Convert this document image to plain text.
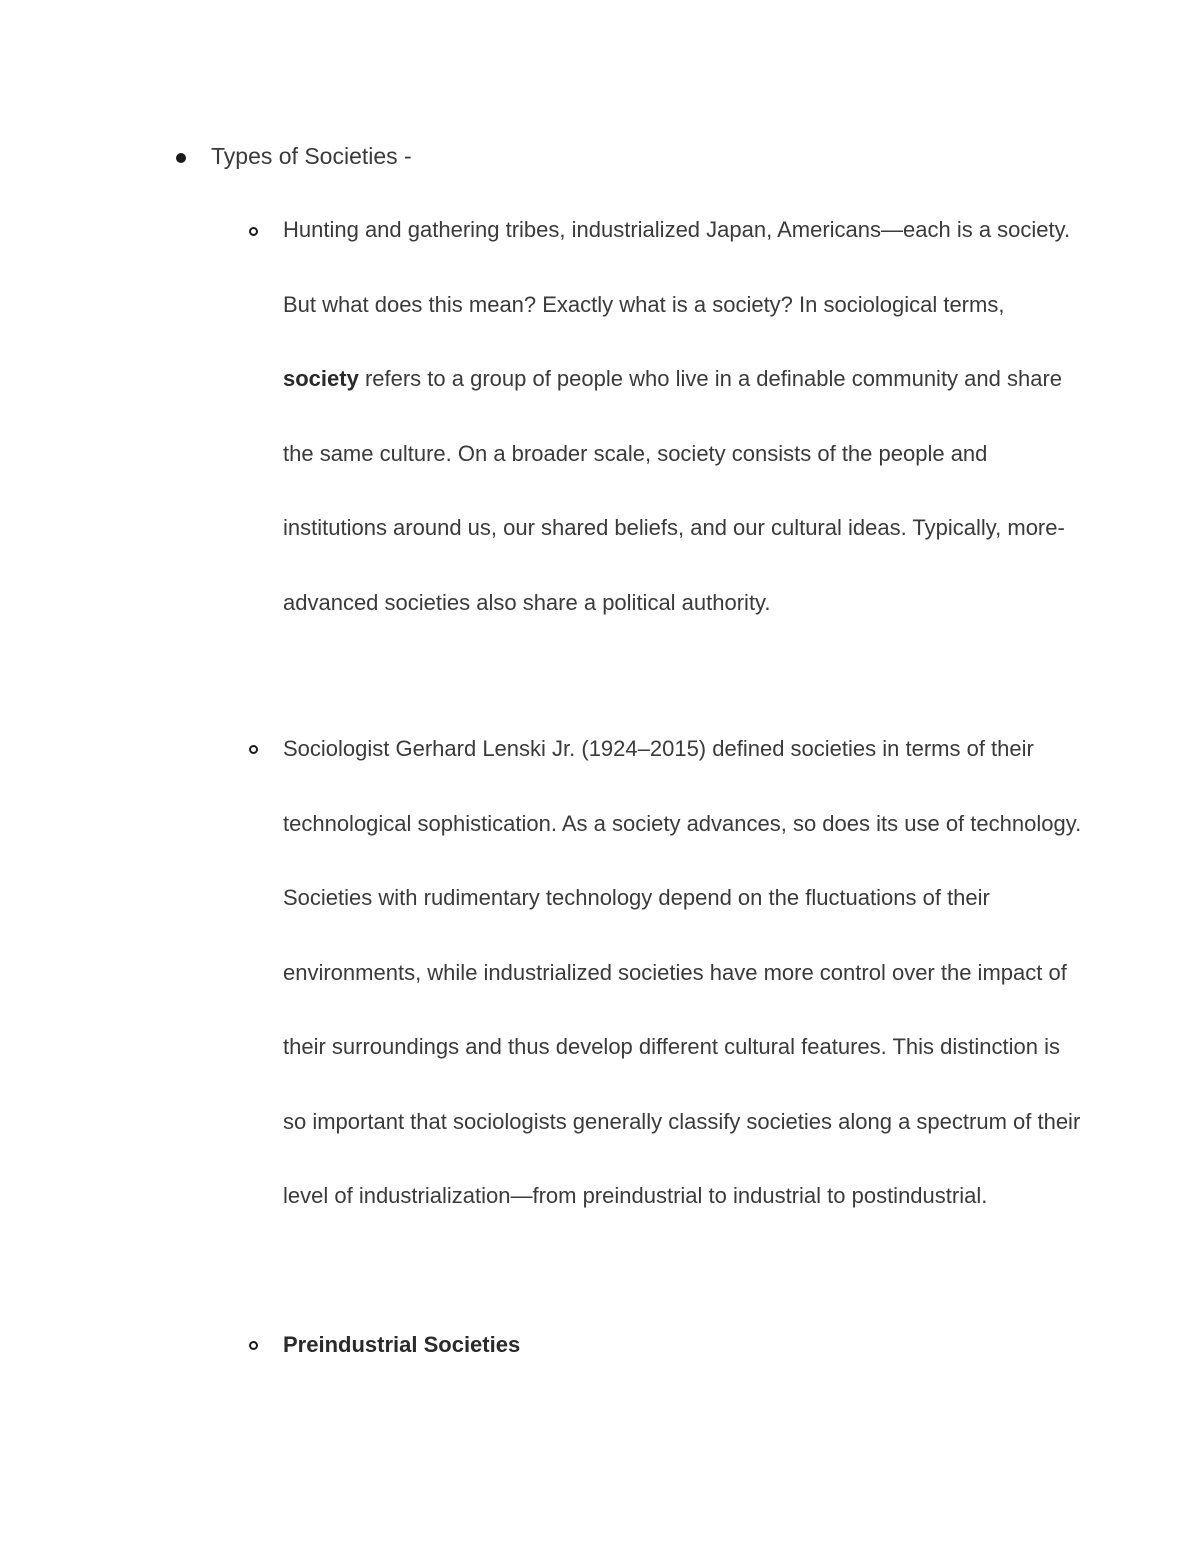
Types of Societies -

Hunting and gathering tribes, industrialized Japan, Americans—each is a society. But what does this mean? Exactly what is a society? In sociological terms, society refers to a group of people who live in a definable community and share the same culture. On a broader scale, society consists of the people and institutions around us, our shared beliefs, and our cultural ideas. Typically, more-advanced societies also share a political authority.

Sociologist Gerhard Lenski Jr. (1924–2015) defined societies in terms of their technological sophistication. As a society advances, so does its use of technology. Societies with rudimentary technology depend on the fluctuations of their environments, while industrialized societies have more control over the impact of their surroundings and thus develop different cultural features. This distinction is so important that sociologists generally classify societies along a spectrum of their level of industrialization—from preindustrial to industrial to postindustrial.

Preindustrial Societies
